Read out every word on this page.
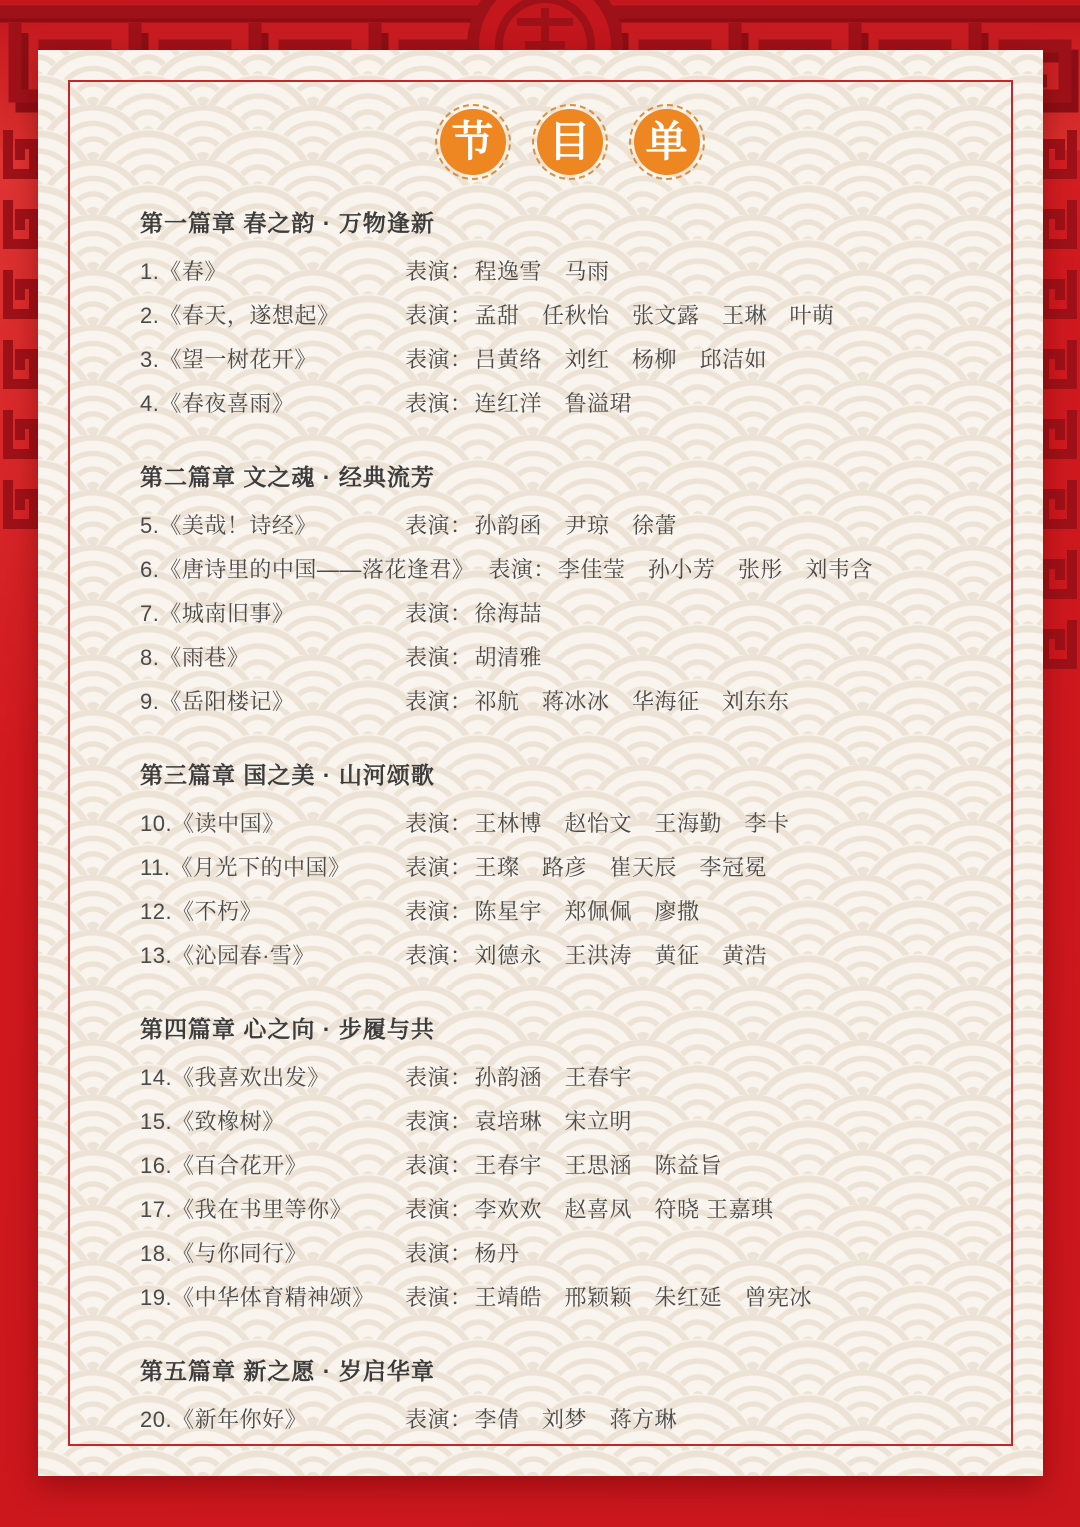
节 目 单
第一篇章 春之韵 · 万物逢新
1.《春》	表演：程逸雪　马雨
2.《春天，遂想起》	表演：孟甜　任秋怡　张文露　王琳　叶萌
3.《望一树花开》	表演：吕黄络　刘红　杨柳　邱洁如
4.《春夜喜雨》	表演：连红洋　鲁溢珺
第二篇章 文之魂 · 经典流芳
5.《美哉！诗经》	表演：孙韵函　尹琼　徐蕾
6.《唐诗里的中国——落花逢君》 表演：李佳莹　孙小芳　张彤　刘韦含
7.《城南旧事》	表演：徐海喆
8.《雨巷》	表演：胡清雅
9.《岳阳楼记》	表演：祁航　蒋冰冰　华海征　刘东东
第三篇章 国之美 · 山河颂歌
10.《读中国》	表演：王林博　赵怡文　王海勤　李卡
11.《月光下的中国》	表演：王璨　路彦　崔天辰　李冠冕
12.《不朽》	表演：陈星宇　郑佩佩　廖撒
13.《沁园春·雪》	表演：刘德永　王洪涛　黄征　黄浩
第四篇章 心之向 · 步履与共
14.《我喜欢出发》	表演：孙韵涵　王春宇
15.《致橡树》	表演：袁培琳　宋立明
16.《百合花开》	表演：王春宇　王思涵　陈益旨
17.《我在书里等你》	表演：李欢欢　赵喜凤　符晓 王嘉琪
18.《与你同行》	表演：杨丹
19.《中华体育精神颂》	表演：王靖皓　邢颖颖　朱红延　曾宪冰
第五篇章 新之愿 · 岁启华章
20.《新年你好》	表演：李倩　刘梦　蒋方琳
